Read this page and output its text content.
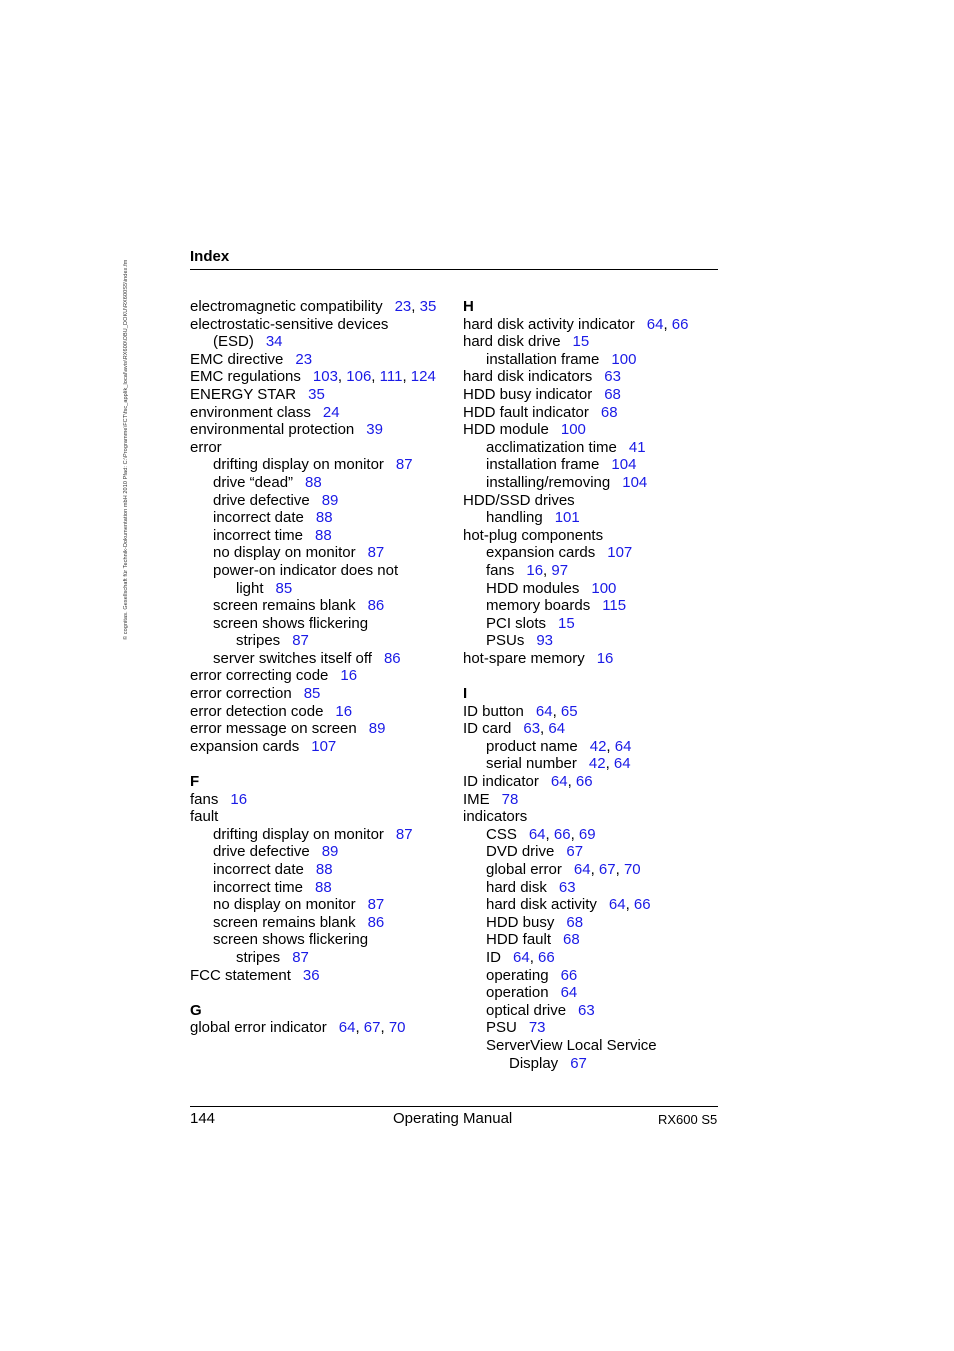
© cognitas. Gesellschaft für Technik-Dokumentation mbH 2010 Pfad: C:\Programme\FCT\fsc_applik_local\avis\RX600\OBU_DOKU\RX600S5\index.fm
Index
electromagnetic compatibility 23, 35
electrostatic-sensitive devices
(ESD) 34
EMC directive 23
EMC regulations 103, 106, 111, 124
ENERGY STAR 35
environment class 24
environmental protection 39
error
drifting display on monitor 87
drive “dead” 88
drive defective 89
incorrect date 88
incorrect time 88
no display on monitor 87
power-on indicator does not
light 85
screen remains blank 86
screen shows flickering
stripes 87
server switches itself off 86
error correcting code 16
error correction 85
error detection code 16
error message on screen 89
expansion cards 107
F
fans 16
fault
drifting display on monitor 87
drive defective 89
incorrect date 88
incorrect time 88
no display on monitor 87
screen remains blank 86
screen shows flickering
stripes 87
FCC statement 36
G
global error indicator 64, 67, 70
H
hard disk activity indicator 64, 66
hard disk drive 15
installation frame 100
hard disk indicators 63
HDD busy indicator 68
HDD fault indicator 68
HDD module 100
acclimatization time 41
installation frame 104
installing/removing 104
HDD/SSD drives
handling 101
hot-plug components
expansion cards 107
fans 16, 97
HDD modules 100
memory boards 115
PCI slots 15
PSUs 93
hot-spare memory 16
I
ID button 64, 65
ID card 63, 64
product name 42, 64
serial number 42, 64
ID indicator 64, 66
IME 78
indicators
CSS 64, 66, 69
DVD drive 67
global error 64, 67, 70
hard disk 63
hard disk activity 64, 66
HDD busy 68
HDD fault 68
ID 64, 66
operating 66
operation 64
optical drive 63
PSU 73
ServerView Local Service
Display 67
144	Operating Manual	RX600 S5
